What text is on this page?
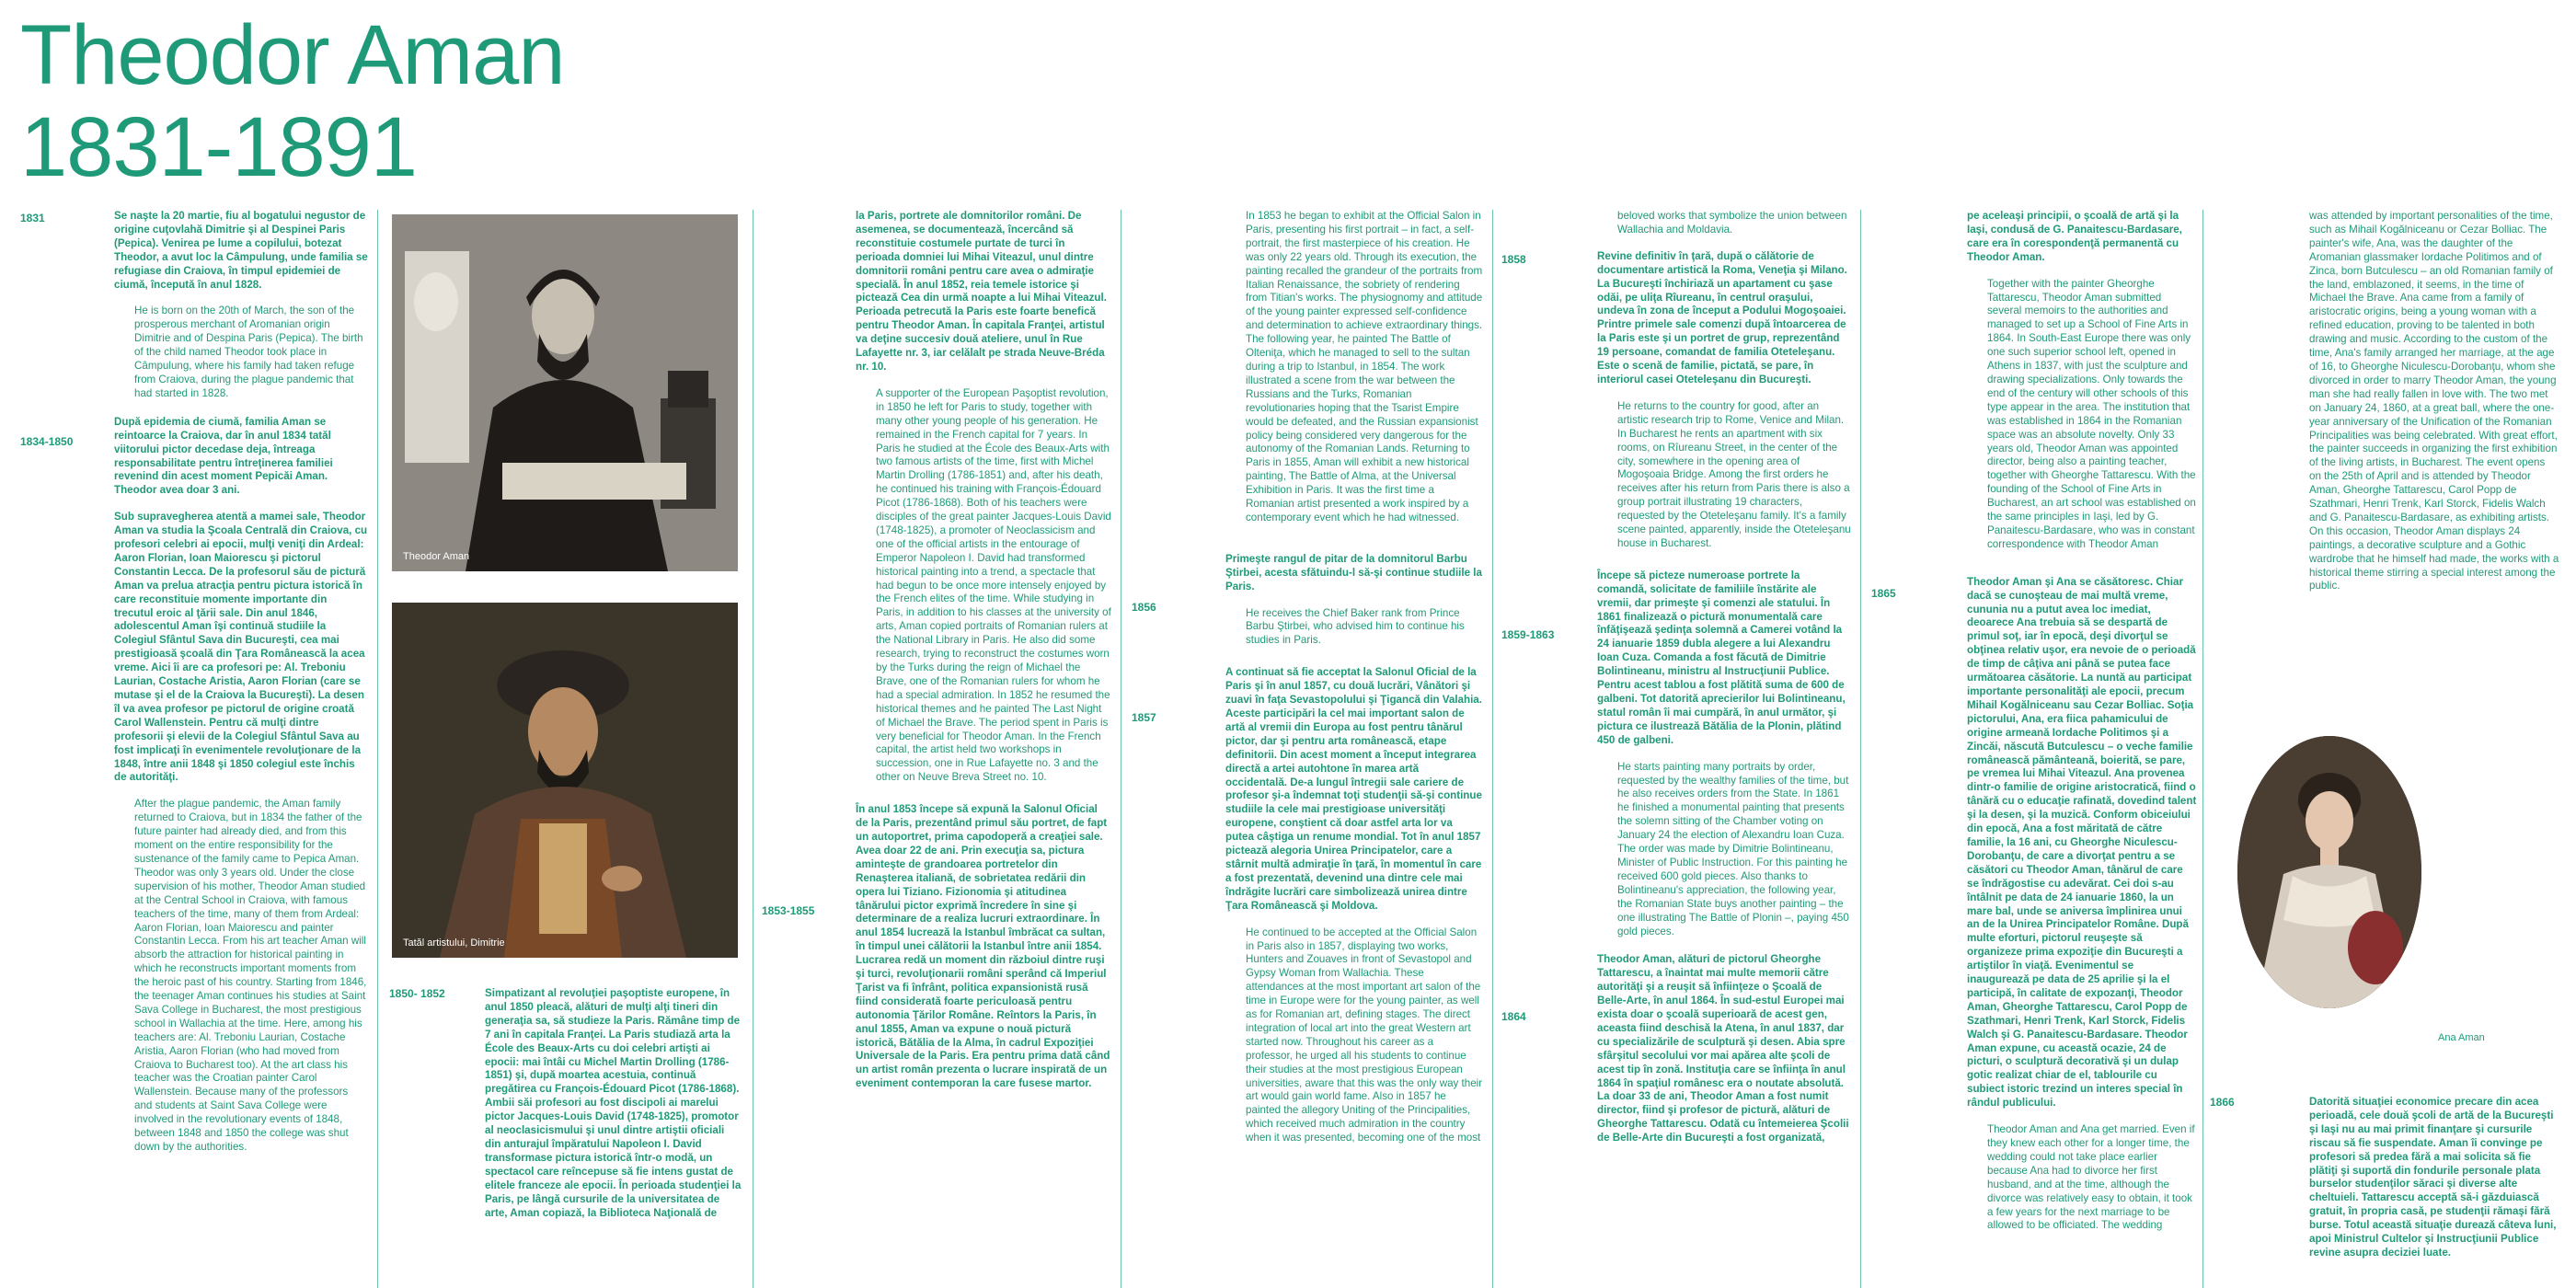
Theodor Aman
1831-1891
1831
1834-1850
1850- 1852
1853-1855
1856
1857
1858
1859-1863
1864
1865
1866

Se naşte la 20 martie, fiu al bogatului negustor de origine cuţovlahă Dimitrie şi al Despinei Paris (Pepica). Venirea pe lume a copilului, botezat Theodor, a avut loc la Câmpulung, unde familia se refugiase din Craiova, în timpul epidemiei de ciumă, începută în anul 1828.

He is born on the 20th of March, the son of the prosperous merchant of Aromanian origin Dimitrie and of Despina Paris (Pepica). The birth of the child named Theodor took place in Câmpulung, where his family had taken refuge from Craiova, during the plague pandemic that had started in 1828.

După epidemia de ciumă, familia Aman se reintoarce la Craiova, dar în anul 1834 tatăl viitorului pictor decedase deja, întreaga responsabilitate pentru întreţinerea familiei revenind din acest moment Pepicăi Aman. Theodor avea doar 3 ani.

Sub supravegherea atentă a mamei sale, Theodor Aman va studia la Şcoala Centrală din Craiova, cu profesori celebri ai epocii, mulţi veniţi din Ardeal: Aaron Florian, Ioan Maiorescu şi pictorul Constantin Lecca. De la profesorul său de pictură Aman va prelua atracţia pentru pictura istorică în care reconstituie momente importante din trecutul eroic al ţării sale. Din anul 1846, adolescentul Aman îşi continuă studiile la Colegiul Sfântul Sava din Bucureşti, cea mai prestigioasă şcoală din Ţara Românească la acea vreme. Aici îi are ca profesori pe: Al. Treboniu Laurian, Costache Aristia, Aaron Florian (care se mutase şi el de la Craiova la Bucureşti). La desen îl va avea profesor pe pictorul de origine croată Carol Wallenstein. Pentru că mulţi dintre profesorii şi elevii de la Colegiul Sfântul Sava au fost implicaţi în evenimentele revoluţionare de la 1848, între anii 1848 şi 1850 colegiul este închis de autorităţi.

After the plague pandemic, the Aman family returned to Craiova, but in 1834 the father of the future painter had already died, and from this moment on the entire responsibility for the sustenance of the family came to Pepica Aman. Theodor was only 3 years old. Under the close supervision of his mother, Theodor Aman studied at the Central School in Craiova, with famous teachers of the time, many of them from Ardeal: Aaron Florian, Ioan Maiorescu and painter Constantin Lecca. From his art teacher Aman will absorb the attraction for historical painting in which he reconstructs important moments from the heroic past of his country. Starting from 1846, the teenager Aman continues his studies at Saint Sava College in Bucharest, the most prestigious school in Wallachia at the time. Here, among his teachers are: Al. Treboniu Laurian, Costache Aristia, Aaron Florian (who had moved from Craiova to Bucharest too). At the art class his teacher was the Croatian painter Carol Wallenstein. Because many of the professors and students at Saint Sava College were involved in the revolutionary events of 1848, between 1848 and 1850 the college was shut down by the authorities.

Theodor Aman
Tatăl artistului, Dimitrie

Simpatizant al revoluţiei paşoptiste europene, în anul 1850 pleacă, alături de mulţi alţi tineri din generaţia sa, să studieze la Paris. Rămâne timp de 7 ani în capitala Franţei. La Paris studiază arta la École des Beaux-Arts cu doi celebri artişti ai epocii: mai întâi cu Michel Martin Drolling (1786-1851) şi, după moartea acestuia, continuă pregătirea cu François-Édouard Picot (1786-1868). Ambii săi profesori au fost discipoli ai marelui pictor Jacques-Louis David (1748-1825), promotor al neoclasicismului şi unul dintre artiştii oficiali din anturajul împăratului Napoleon I. David transformase pictura istorică într-o modă, un spectacol care reîncepuse să fie intens gustat de elitele franceze ale epocii. În perioada studenţiei la Paris, pe lângă cursurile de la universitatea de arte, Aman copiază, la Biblioteca Naţională de

la Paris, portrete ale domnitorilor români. De asemenea, se documentează, încercând să reconstituie costumele purtate de turci în perioada domniei lui Mihai Viteazul, unul dintre domnitorii români pentru care avea o admiraţie specială. În anul 1852, reia temele istorice şi pictează Cea din urmă noapte a lui Mihai Viteazul. Perioada petrecută la Paris este foarte benefică pentru Theodor Aman. În capitala Franţei, artistul va deţine succesiv două ateliere, unul în Rue Lafayette nr. 3, iar celălalt pe strada Neuve-Bréda nr. 10.

A supporter of the European Paşoptist revolution, in 1850 he left for Paris to study, together with many other young people of his generation. He remained in the French capital for 7 years. In Paris he studied at the École des Beaux-Arts with two famous artists of the time, first with Michel Martin Drolling (1786-1851) and, after his death, he continued his training with François-Édouard Picot (1786-1868). Both of his teachers were disciples of the great painter Jacques-Louis David (1748-1825), a promoter of Neoclassicism and one of the official artists in the entourage of Emperor Napoleon I. David had transformed historical painting into a trend, a spectacle that had begun to be once more intensely enjoyed by the French elites of the time. While studying in Paris, in addition to his classes at the university of arts, Aman copied portraits of Romanian rulers at the National Library in Paris. He also did some research, trying to reconstruct the costumes worn by the Turks during the reign of Michael the Brave, one of the Romanian rulers for whom he had a special admiration. In 1852 he resumed the historical themes and he painted The Last Night of Michael the Brave. The period spent in Paris is very beneficial for Theodor Aman. In the French capital, the artist held two workshops in succession, one in Rue Lafayette no. 3 and the other on Neuve Breva Street no. 10.

În anul 1853 începe să expună la Salonul Oficial de la Paris, prezentând primul său portret, de fapt un autoportret, prima capodoperă a creaţiei sale. Avea doar 22 de ani. Prin execuţia sa, pictura aminteşte de grandoarea portretelor din Renaşterea italiană, de sobrietatea redării din opera lui Tiziano. Fizionomia şi atitudinea tânărului pictor exprimă încredere în sine şi determinare de a realiza lucruri extraordinare. În anul 1854 lucrează la Istanbul îmbrăcat ca sultan, în timpul unei călătorii la Istanbul între anii 1854. Lucrarea redă un moment din războiul dintre ruşi şi turci, revoluţionarii români sperând că Imperiul Ţarist va fi înfrânt, politica expansionistă rusă fiind considerată foarte periculoasă pentru autonomia Ţărilor Române. Reîntors la Paris, în anul 1855, Aman va expune o nouă pictură istorică, Bătălia de la Alma, în cadrul Expoziţiei Universale de la Paris. Era pentru prima dată când un artist român prezenta o lucrare inspirată de un eveniment contemporan la care fusese martor.

In 1853 he began to exhibit at the Official Salon in Paris, presenting his first portrait – in fact, a self-portrait, the first masterpiece of his creation. He was only 22 years old. Through its execution, the painting recalled the grandeur of the portraits from Italian Renaissance, the sobriety of rendering from Titian's works. The physiognomy and attitude of the young painter expressed self-confidence and determination to achieve extraordinary things. The following year, he painted The Battle of Olteniţa, which he managed to sell to the sultan during a trip to Istanbul, in 1854. The work illustrated a scene from the war between the Russians and the Turks, Romanian revolutionaries hoping that the Tsarist Empire would be defeated, and the Russian expansionist policy being considered very dangerous for the autonomy of the Romanian Lands. Returning to Paris in 1855, Aman will exhibit a new historical painting, The Battle of Alma, at the Universal Exhibition in Paris. It was the first time a Romanian artist presented a work inspired by a contemporary event which he had witnessed.

Primeşte rangul de pitar de la domnitorul Barbu Ştirbei, acesta sfătuindu-l să-şi continue studiile la Paris.

He receives the Chief Baker rank from Prince Barbu Ştirbei, who advised him to continue his studies in Paris.

A continuat să fie acceptat la Salonul Oficial de la Paris şi în anul 1857, cu două lucrări, Vânători şi zuavi în faţa Sevastopolului şi Ţigancă din Valahia. Aceste participări la cel mai important salon de artă al vremii din Europa au fost pentru tânărul pictor, dar şi pentru arta românească, etape definitorii. Din acest moment a început integrarea directă a artei autohtone în marea artă occidentală. De-a lungul întregii sale cariere de profesor şi-a îndemnat toţi studenţii să-şi continue studiile la cele mai prestigioase universităţi europene, conştient că doar astfel arta lor va putea câştiga un renume mondial. Tot în anul 1857 pictează alegoria Unirea Principatelor, care a stârnit multă admiraţie în ţară, în momentul în care a fost prezentată, devenind una dintre cele mai îndrăgite lucrări care simbolizează unirea dintre Ţara Românească şi Moldova.

He continued to be accepted at the Official Salon in Paris also in 1857, displaying two works, Hunters and Zouaves in front of Sevastopol and Gypsy Woman from Wallachia. These attendances at the most important art salon of the time in Europe were for the young painter, as well as for Romanian art, defining stages. The direct integration of local art into the great Western art started now. Throughout his career as a professor, he urged all his students to continue their studies at the most prestigious European universities, aware that this was the only way their art would gain world fame. Also in 1857 he painted the allegory Uniting of the Principalities, which received much admiration in the country when it was presented, becoming one of the most

beloved works that symbolize the union between Wallachia and Moldavia.

Revine definitiv în ţară, după o călătorie de documentare artistică la Roma, Veneţia şi Milano. La Bucureşti închiriază un apartament cu şase odăi, pe uliţa Rîureanu, în centrul oraşului, undeva în zona de început a Podului Mogoşoaiei. Printre primele sale comenzi după întoarcerea de la Paris este şi un portret de grup, reprezentând 19 persoane, comandat de familia Oteteleşanu. Este o scenă de familie, pictată, se pare, în interiorul casei Oteteleşanu din Bucureşti.

He returns to the country for good, after an artistic research trip to Rome, Venice and Milan. In Bucharest he rents an apartment with six rooms, on Rîureanu Street, in the center of the city, somewhere in the opening area of Mogoşoaia Bridge. Among the first orders he receives after his return from Paris there is also a group portrait illustrating 19 characters, requested by the Oteteleşanu family. It's a family scene painted, apparently, inside the Oteteleşanu house in Bucharest.

Începe să picteze numeroase portrete la comandă, solicitate de familiile înstărite ale vremii, dar primeşte şi comenzi ale statului. În 1861 finalizează o pictură monumentală care înfăţişează şedinţa solemnă a Camerei votând la 24 ianuarie 1859 dubla alegere a lui Alexandru Ioan Cuza. Comanda a fost făcută de Dimitrie Bolintineanu, ministru al Instrucţiunii Publice. Pentru acest tablou a fost plătită suma de 600 de galbeni. Tot datorită aprecierilor lui Bolintineanu, statul român îi mai cumpără, în anul următor, şi pictura ce ilustrează Bătălia de la Plonin, plătind 450 de galbeni.

He starts painting many portraits by order, requested by the wealthy families of the time, but he also receives orders from the State. In 1861 he finished a monumental painting that presents the solemn sitting of the Chamber voting on January 24 the election of Alexandru Ioan Cuza. The order was made by Dimitrie Bolintineanu, Minister of Public Instruction. For this painting he received 600 gold pieces. Also thanks to Bolintineanu's appreciation, the following year, the Romanian State buys another painting – the one illustrating The Battle of Plonin –, paying 450 gold pieces.

Theodor Aman, alături de pictorul Gheorghe Tattarescu, a înaintat mai multe memorii către autorităţi şi a reuşit să înfiinţeze o Şcoală de Belle-Arte, în anul 1864. În sud-estul Europei mai exista doar o şcoală superioară de acest gen, aceasta fiind deschisă la Atena, în anul 1837, dar cu specializările de sculptură şi desen. Abia spre sfârşitul secolului vor mai apărea alte şcoli de acest tip în zonă. Instituţia care se înfiinţa în anul 1864 în spaţiul românesc era o noutate absolută. La doar 33 de ani, Theodor Aman a fost numit director, fiind şi profesor de pictură, alături de Gheorghe Tattarescu. Odată cu întemeierea Şcolii de Belle-Arte din Bucureşti a fost organizată,

pe aceleaşi principii, o şcoală de artă şi la Iaşi, condusă de G. Panaitescu-Bardasare, care era în corespondenţă permanentă cu Theodor Aman.

Together with the painter Gheorghe Tattarescu, Theodor Aman submitted several memoirs to the authorities and managed to set up a School of Fine Arts in 1864. In South-East Europe there was only one such superior school left, opened in Athens in 1837, with just the sculpture and drawing specializations. Only towards the end of the century will other schools of this type appear in the area. The institution that was established in 1864 in the Romanian space was an absolute novelty. Only 33 years old, Theodor Aman was appointed director, being also a painting teacher, together with Gheorghe Tattarescu. With the founding of the School of Fine Arts in Bucharest, an art school was established on the same principles in Iaşi, led by G. Panaitescu-Bardasare, who was in constant correspondence with Theodor Aman

Theodor Aman şi Ana se căsătoresc. Chiar dacă se cunoşteau de mai multă vreme, cununia nu a putut avea loc imediat, deoarece Ana trebuia să se despartă de primul soţ, iar în epocă, deşi divorţul se obţinea relativ uşor, era nevoie de o perioadă de timp de câţiva ani până se putea face următoarea căsătorie. La nuntă au participat importante personalităţi ale epocii, precum Mihail Kogălniceanu sau Cezar Bolliac. Soţia pictorului, Ana, era fiica pahamicului de origine armeană Iordache Politimos şi a Zincăi, născută Butculescu – o veche familie românească pământeană, boierită, se pare, pe vremea lui Mihai Viteazul. Ana provenea dintr-o familie de origine aristocratică, fiind o tânără cu o educaţie rafinată, dovedind talent şi la desen, şi la muzică. Conform obiceiului din epocă, Ana a fost măritată de către familie, la 16 ani, cu Gheorghe Niculescu-Dorobanţu, de care a divorţat pentru a se căsători cu Theodor Aman, tânărul de care se îndrăgostise cu adevărat. Cei doi s-au întâlnit pe data de 24 ianuarie 1860, la un mare bal, unde se aniversa împlinirea unui an de la Unirea Principatelor Române. După multe eforturi, pictorul reuşeşte să organizeze prima expoziţie din Bucureşti a artiştilor în viaţă. Evenimentul se inaugurează pe data de 25 aprilie şi la el participă, în calitate de expozanţi, Theodor Aman, Gheorghe Tattarescu, Carol Popp de Szathmari, Henri Trenk, Karl Storck, Fidelis Walch şi G. Panaitescu-Bardasare. Theodor Aman expune, cu această ocazie, 24 de picturi, o sculptură decorativă şi un dulap gotic realizat chiar de el, tablourile cu subiect istoric trezind un interes special în rândul publicului.

Theodor Aman and Ana get married. Even if they knew each other for a longer time, the wedding could not take place earlier because Ana had to divorce her first husband, and at the time, although the divorce was relatively easy to obtain, it took a few years for the next marriage to be allowed to be officiated. The wedding

was attended by important personalities of the time, such as Mihail Kogălniceanu or Cezar Bolliac. The painter's wife, Ana, was the daughter of the Aromanian glassmaker Iordache Politimos and of Zinca, born Butculescu – an old Romanian family of the land, emblazoned, it seems, in the time of Michael the Brave. Ana came from a family of aristocratic origins, being a young woman with a refined education, proving to be talented in both drawing and music. According to the custom of the time, Ana's family arranged her marriage, at the age of 16, to Gheorghe Niculescu-Dorobanţu, whom she divorced in order to marry Theodor Aman, the young man she had really fallen in love with. The two met on January 24, 1860, at a great ball, where the one-year anniversary of the Unification of the Romanian Principalities was being celebrated. With great effort, the painter succeeds in organizing the first exhibition of the living artists, in Bucharest. The event opens on the 25th of April and is attended by Theodor Aman, Gheorghe Tattarescu, Carol Popp de Szathmari, Henri Trenk, Karl Storck, Fidelis Walch and G. Panaitescu-Bardasare, as exhibiting artists. On this occasion, Theodor Aman displays 24 paintings, a decorative sculpture and a Gothic wardrobe that he himself had made, the works with a historical theme stirring a special interest among the public.

Ana Aman

Datorită situaţiei economice precare din acea perioadă, cele două şcoli de artă de la Bucureşti şi Iaşi nu au mai primit finanţare şi cursurile riscau să fie suspendate. Aman îi convinge pe profesori să predea fără a mai solicita să fie plătiţi şi suportă din fondurile personale plata burselor studenţilor săraci şi diverse alte cheltuieli. Tattarescu acceptă să-i găzduiască gratuit, în propria casă, pe studenţii rămaşi fără burse. Totul această situaţie durează câteva luni, apoi Ministrul Cultelor şi Instrucţiunii Publice revine asupra deciziei luate.
